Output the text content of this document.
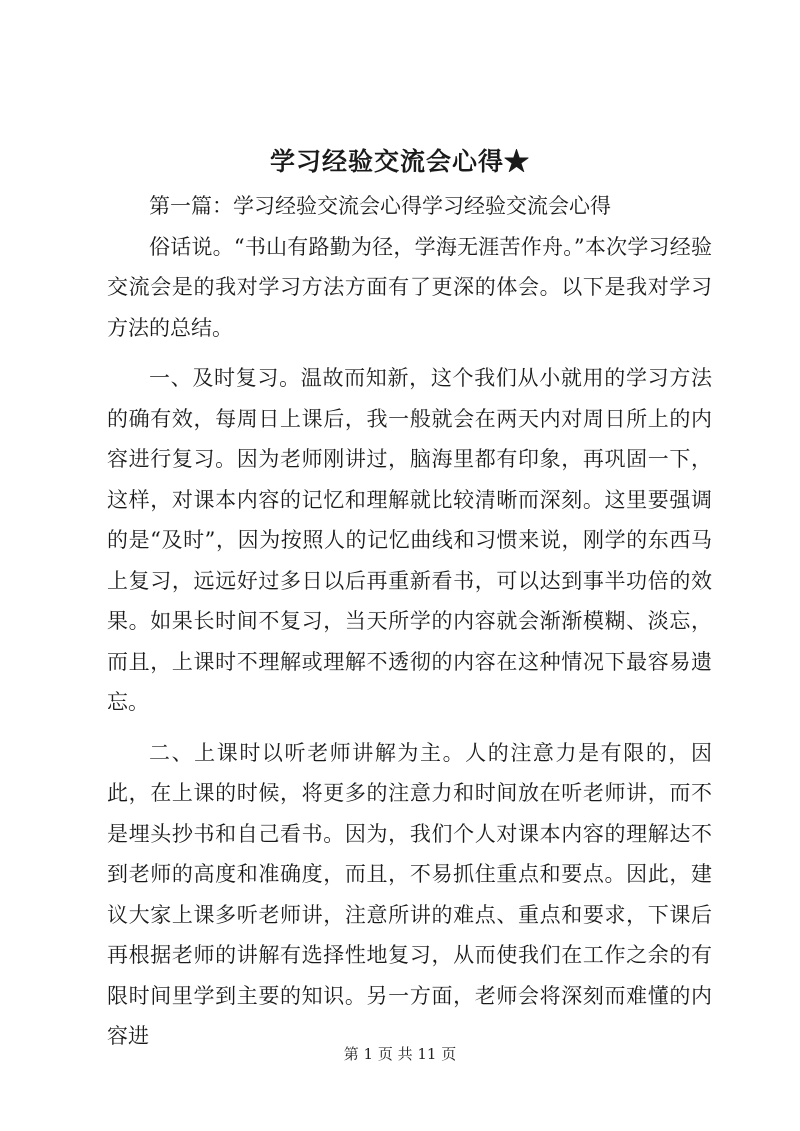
学习经验交流会心得★

第一篇：学习经验交流会心得学习经验交流会心得

俗话说。“书山有路勤为径，学海无涯苦作舟。”本次学习经验交流会是的我对学习方法方面有了更深的体会。以下是我对学习方法的总结。

一、及时复习。温故而知新，这个我们从小就用的学习方法的确有效，每周日上课后，我一般就会在两天内对周日所上的内容进行复习。因为老师刚讲过，脑海里都有印象，再巩固一下，这样，对课本内容的记忆和理解就比较清晰而深刻。这里要强调的是“及时”，因为按照人的记忆曲线和习惯来说，刚学的东西马上复习，远远好过多日以后再重新看书，可以达到事半功倍的效果。如果长时间不复习，当天所学的内容就会渐渐模糊、淡忘，而且，上课时不理解或理解不透彻的内容在这种情况下最容易遗忘。

二、上课时以听老师讲解为主。人的注意力是有限的，因此，在上课的时候，将更多的注意力和时间放在听老师讲，而不是埋头抄书和自己看书。因为，我们个人对课本内容的理解达不到老师的高度和准确度，而且，不易抓住重点和要点。因此，建议大家上课多听老师讲，注意所讲的难点、重点和要求，下课后再根据老师的讲解有选择性地复习，从而使我们在工作之余的有限时间里学到主要的知识。另一方面，老师会将深刻而难懂的内容进

第 1 页 共 11 页
